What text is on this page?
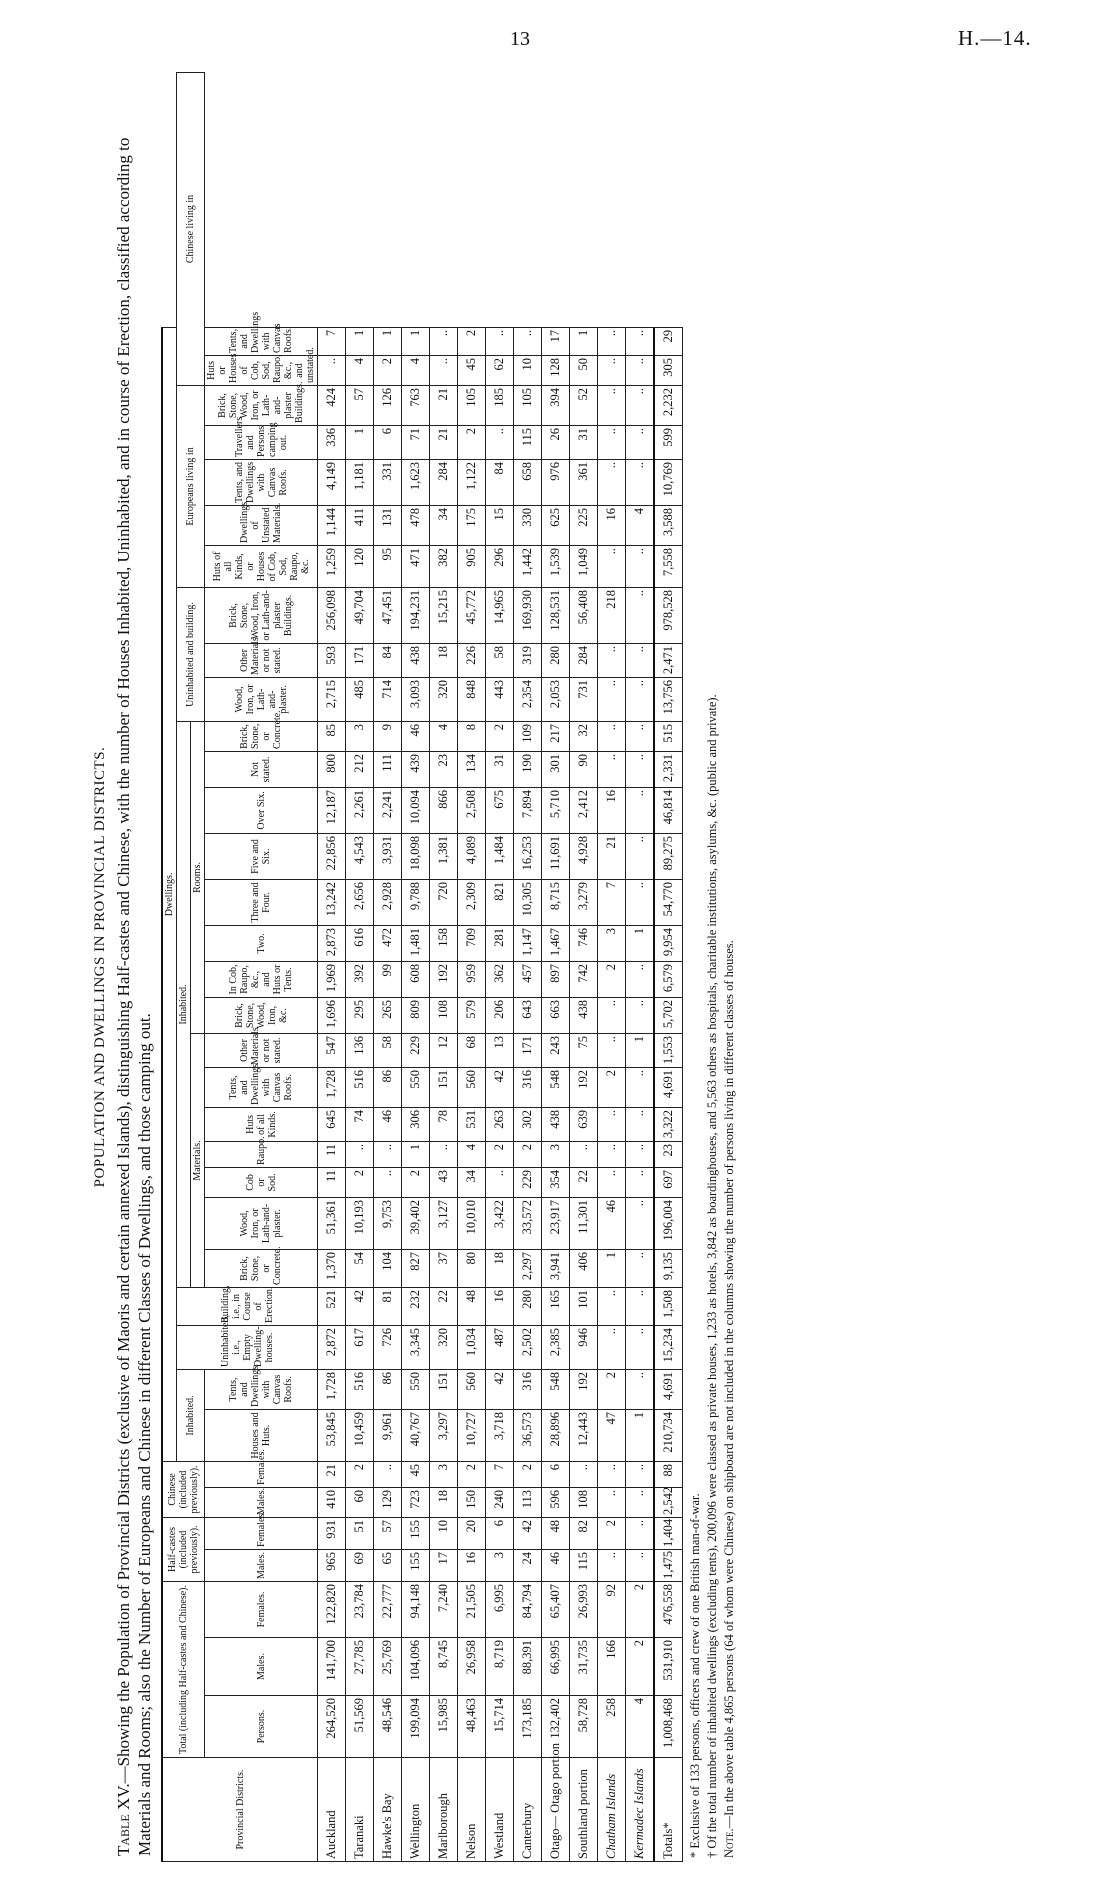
13	H.—14.
POPULATION AND DWELLINGS IN PROVINCIAL DISTRICTS.
Table XV.—Showing the Population of Provincial Districts (exclusive of Maoris and certain annexed Islands), distinguishing Half-castes and Chinese, with the number of Houses Inhabited, Uninhabited, and in course of Erection, classified according to Materials and Rooms; also the Number of Europeans and Chinese in different Classes of Dwellings, and those camping out.	Provincial Districts.	Total (including Half-castes and Chinese).			Half-castes (included previously).		Chinese (included previously).		Dwellings.																												
								Inhabited.		Uninhabited, i.e., Empty Dwelling-houses.	Building, i.e., in Course of Erection.	Inhabited.															Uninhabited and building.			Europeans living in					Chinese living in	
												Materials.							Rooms.																	
	Persons.	Males.	Females.	Males.	Females.	Males.	Females.	Houses and Huts.	Tents, and Dwellings with Canvas Roofs.			Brick, Stone, or Concrete.	Wood, Iron, or Lath-and-plaster.	Cob or Sod.	Raupo.	Huts of all Kinds.	Tents, and Dwellings with Canvas Roofs.	Other Materials or not stated.	Brick, Stone, Wood, Iron, &c.	In Cob, Raupo, &c., and Huts or Tents.	Two.	Three and Four.	Five and Six.	Over Six.	Not stated.	Brick, Stone, or Concrete.	Wood, Iron, or Lath-and-plaster.	Other Materials or not stated.	Brick, Stone, Wood, Iron, or Lath-and-plaster Buildings.	Huts of all Kinds, or Houses of Cob, Sod, Raupo, &c.	Dwellings of Unstated Materials.	Tents, and Dwellings with Canvas Roofs.	Travellers and Persons camping out.	Brick, Stone, Wood, Iron, or Lath-and-plaster Buildings.	Huts or Houses of Cob, Sod, Raupo, &c., and unstated.	Tents, and Dwellings with Canvas Roofs.
Auckland	264,520	141,700	122,820	965	931	410	21	53,845	1,728	2,872	521	1,370	51,361	11	11	645	1,728	547	1,696	1,969	2,873	13,242	22,856	12,187	800	85	2,715	593	256,098	1,259	1,144	4,149	336	424	..	7
Taranaki	51,569	27,785	23,784	69	51	60	2	10,459	516	617	42	54	10,193	2	..	74	516	136	295	392	616	2,656	4,543	2,261	212	3	485	171	49,704	120	411	1,181	1	57	4	1
Hawke's Bay	48,546	25,769	22,777	65	57	129	..	9,961	86	726	81	104	9,753	..	..	46	86	58	265	99	472	2,928	3,931	2,241	111	9	714	84	47,451	95	131	331	6	126	2	1
Wellington	199,094	104,096	94,148	155	155	723	45	40,767	550	3,345	232	827	39,402	2	1	306	550	229	809	608	1,481	9,788	18,098	10,094	439	46	3,093	438	194,231	471	478	1,623	71	763	4	1
Marlborough	15,985	8,745	7,240	17	10	18	3	3,297	151	320	22	37	3,127	43	..	78	151	12	108	192	158	720	1,381	866	23	4	320	18	15,215	382	34	284	21	21	..	..
Nelson	48,463	26,958	21,505	16	20	150	2	10,727	560	1,034	48	80	10,010	34	4	531	560	68	579	959	709	2,309	4,089	2,508	134	8	848	226	45,772	905	175	1,122	2	105	45	2
Westland	15,714	8,719	6,995	3	6	240	7	3,718	42	487	16	18	3,422	..	2	263	42	13	206	362	281	821	1,484	675	31	2	443	58	14,965	296	15	84	..	185	62	..
Canterbury	173,185	88,391	84,794	24	42	113	2	36,573	316	2,502	280	2,297	33,572	229	2	302	316	171	643	457	1,147	10,305	16,253	7,894	190	109	2,354	319	169,930	1,442	330	658	115	105	10	..
Otago— Otago portion	132,402	66,995	65,407	46	48	596	6	28,896	548	2,385	165	3,941	23,917	354	3	438	548	243	663	897	1,467	8,715	11,691	5,710	301	217	2,053	280	128,531	1,539	625	976	26	394	128	17
Southland portion	58,728	31,735	26,993	115	82	108	..	12,443	192	946	101	406	11,301	22	..	639	192	75	438	742	746	3,279	4,928	2,412	90	32	731	284	56,408	1,049	225	361	31	52	50	1
Chatham Islands	258	166	92	..	2	..	..	47	2	..	..	1	46	..	..	..	2	..	..	2	3	7	21	16	..	..	..	..	218	..	16	..	..	..	..	..
Kermadec Islands	4	2	2	..	..	..	..	1	..	..	..	..	..	..	..	..	..	1	..	..	1	..	..	..	..	..	..	..	..	..	4	..	..	..	..	..
Totals*	1,008,468	531,910	476,558	1,475	1,404	2,542	88	210,734	4,691	15,234	1,508	9,135	196,004	697	23	3,322	4,691	1,553	5,702	6,579	9,954	54,770	89,275	46,814	2,331	515	13,756	2,471	978,528	7,558	3,588	10,769	599	2,232	305	29

* Exclusive of 133 persons, officers and crew of one British man-of-war. † Of the total number of inhabited dwellings (excluding tents), 200,096 were classed as private houses, 1,233 as hotels, 3,842 as boardinghouses, and 5,563 others as hospitals, charitable institutions, asylums, &c. (public and private). Note.—In the above table 4,865 persons (64 of whom were Chinese) on shipboard are not included in the columns showing the number of persons living in different classes of houses.
